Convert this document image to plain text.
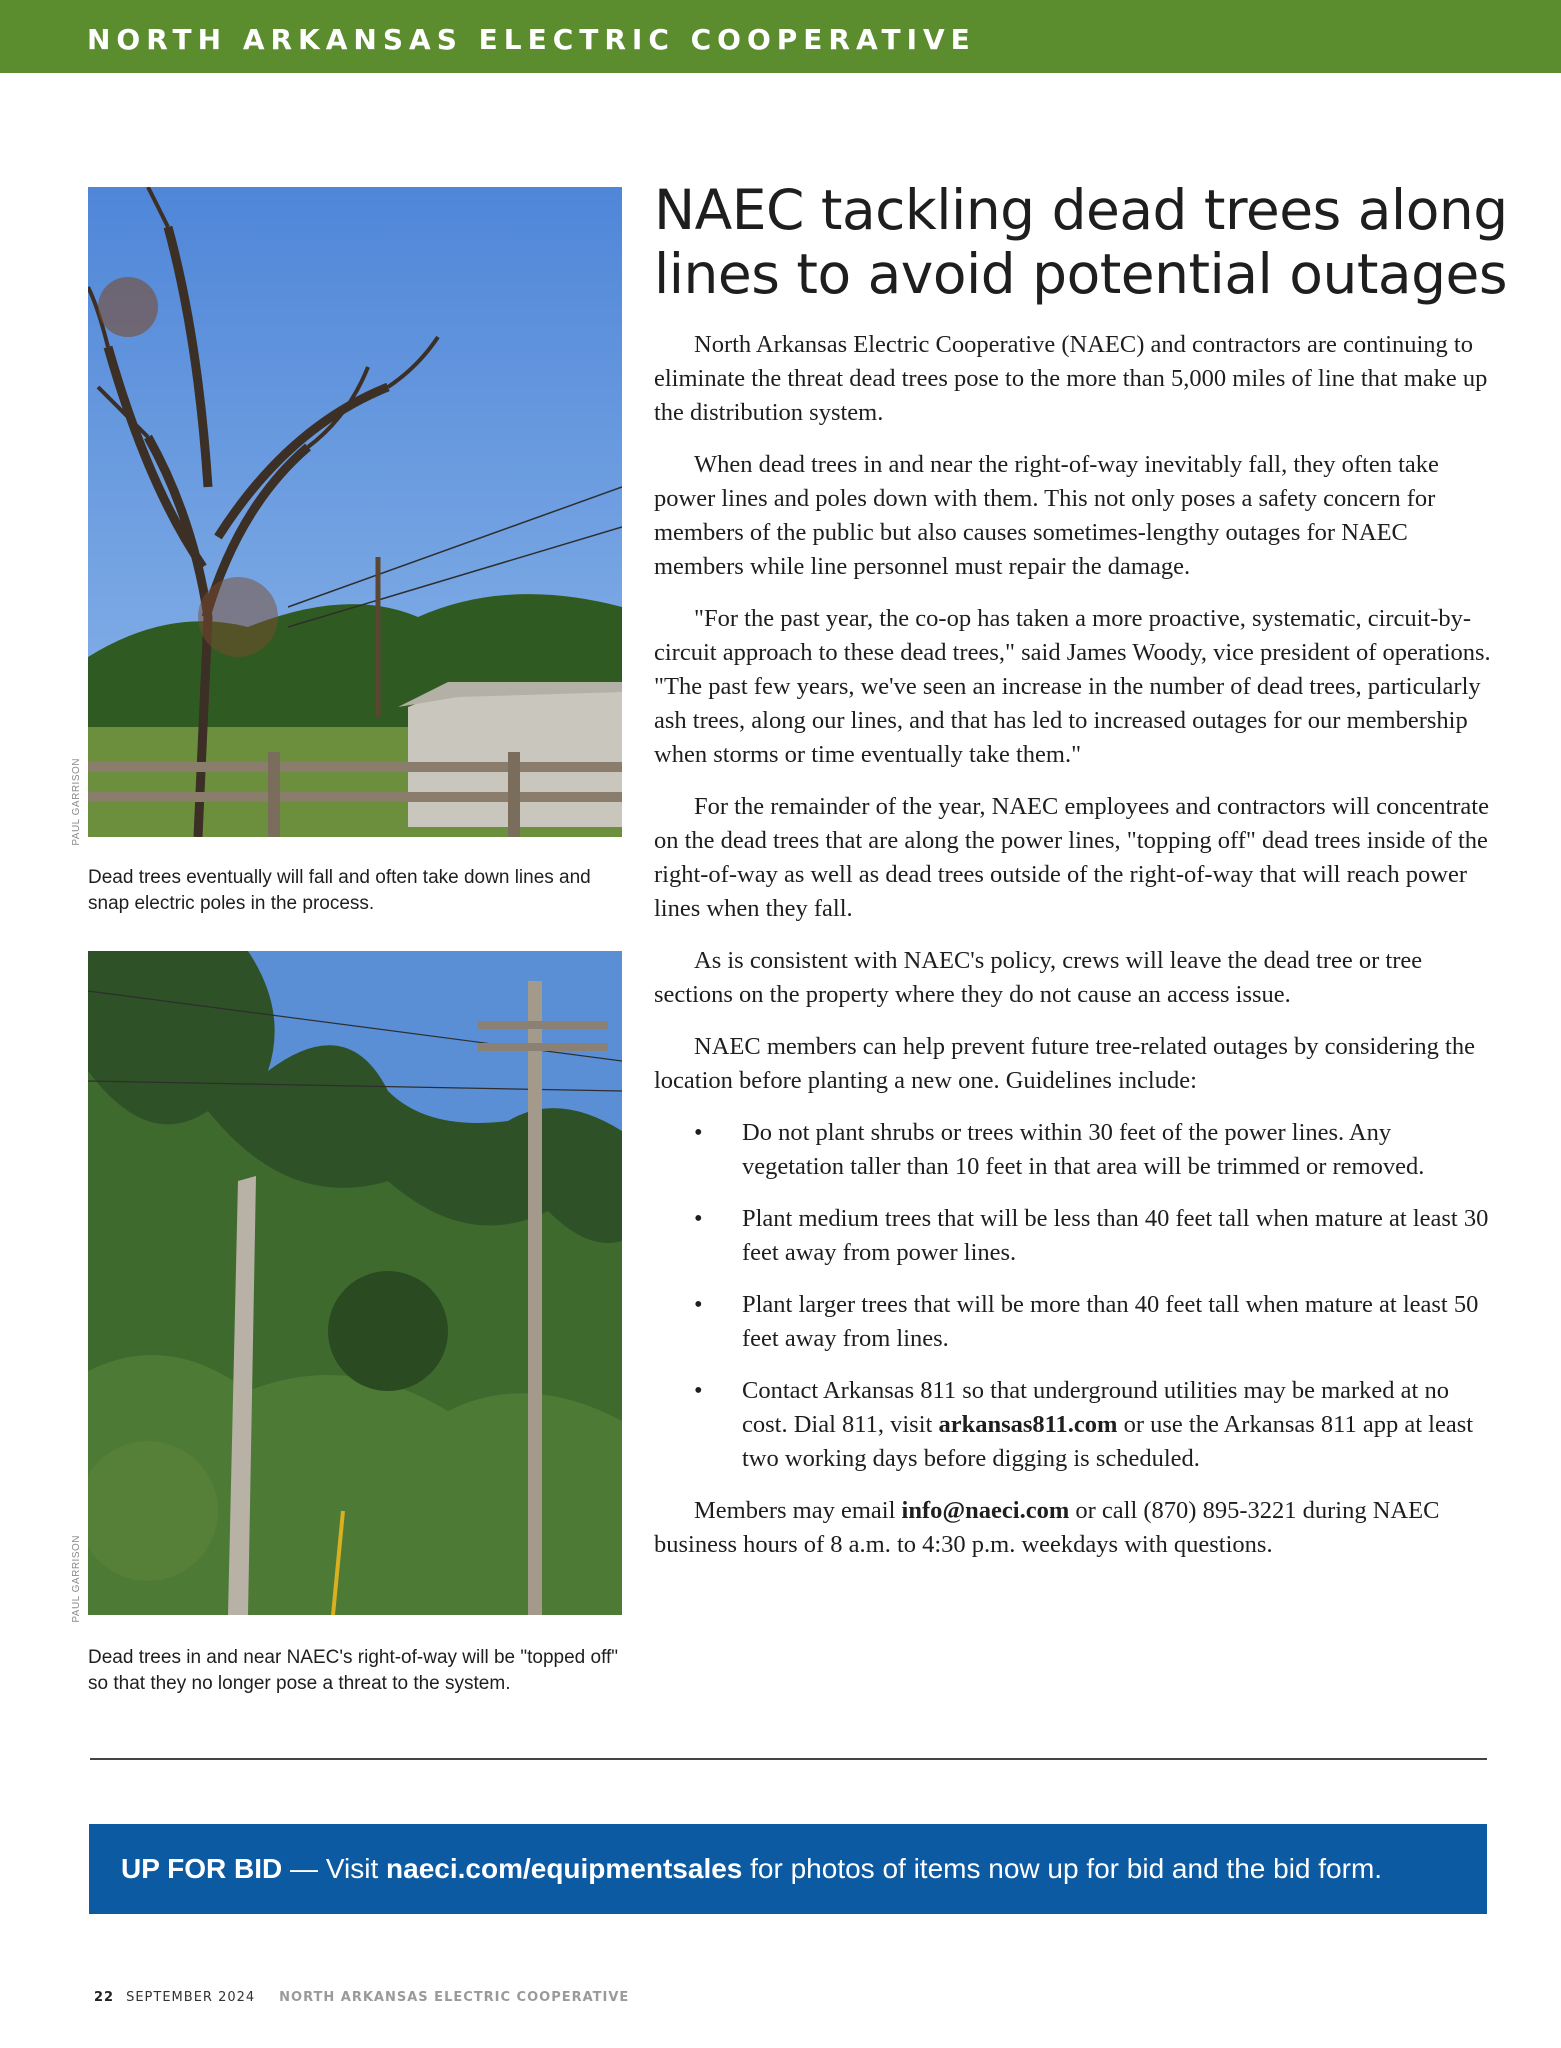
NORTH ARKANSAS ELECTRIC COOPERATIVE
PAUL GARRISON

Dead trees eventually will fall and often take down lines and snap electric poles in the process.

PAUL GARRISON

Dead trees in and near NAEC's right-of-way will be "topped off" so that they no longer pose a threat to the system.

NAEC tackling dead trees along lines to avoid potential outages

North Arkansas Electric Cooperative (NAEC) and contractors are continuing to eliminate the threat dead trees pose to the more than 5,000 miles of line that make up the distribution system.

When dead trees in and near the right-of-way inevitably fall, they often take power lines and poles down with them. This not only poses a safety concern for members of the public but also causes sometimes-lengthy outages for NAEC members while line personnel must repair the damage.

"For the past year, the co-op has taken a more proactive, systematic, circuit-by-circuit approach to these dead trees," said James Woody, vice president of operations. "The past few years, we've seen an increase in the number of dead trees, particularly ash trees, along our lines, and that has led to increased outages for our membership when storms or time eventually take them."

For the remainder of the year, NAEC employees and contractors will concentrate on the dead trees that are along the power lines, "topping off" dead trees inside of the right-of-way as well as dead trees outside of the right-of-way that will reach power lines when they fall.

As is consistent with NAEC's policy, crews will leave the dead tree or tree sections on the property where they do not cause an access issue.

NAEC members can help prevent future tree-related outages by considering the location before planting a new one. Guidelines include:

• Do not plant shrubs or trees within 30 feet of the power lines. Any vegetation taller than 10 feet in that area will be trimmed or removed.
• Plant medium trees that will be less than 40 feet tall when mature at least 30 feet away from power lines.
• Plant larger trees that will be more than 40 feet tall when mature at least 50 feet away from lines.
• Contact Arkansas 811 so that underground utilities may be marked at no cost. Dial 811, visit arkansas811.com or use the Arkansas 811 app at least two working days before digging is scheduled.

Members may email info@naeci.com or call (870) 895-3221 during NAEC business hours of 8 a.m. to 4:30 p.m. weekdays with questions.

UP FOR BID — Visit naeci.com/equipmentsales for photos of items now up for bid and the bid form.
22 SEPTEMBER 2024 NORTH ARKANSAS ELECTRIC COOPERATIVE
